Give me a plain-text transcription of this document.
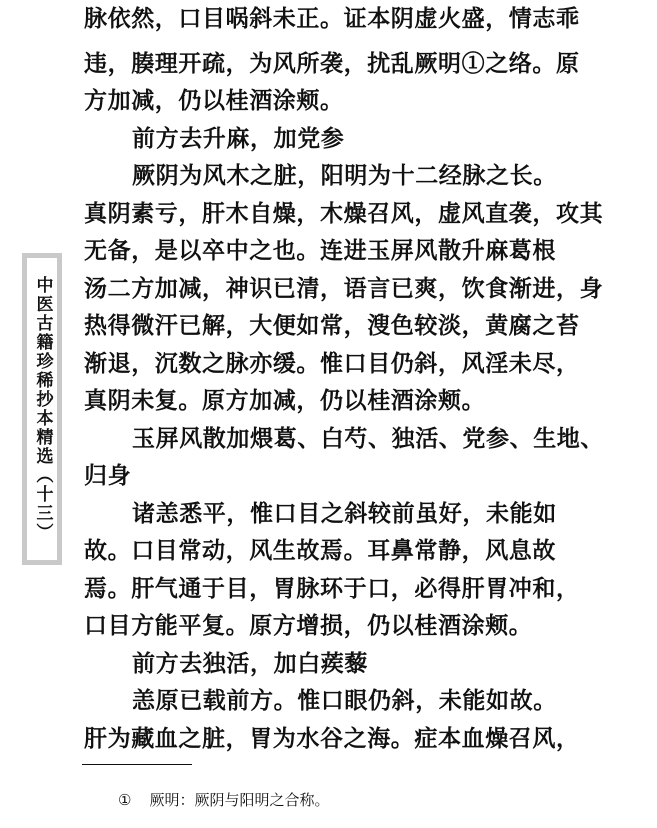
中医古籍珍稀抄本精选（十三）
脉依然，口目㖞斜未正。证本阴虚火盛，情志乖
违，腠理开疏，为风所袭，扰乱厥明①之络。原
方加减，仍以桂酒涂颊。
前方去升麻，加党参
厥阴为风木之脏，阳明为十二经脉之长。
真阴素亏，肝木自燥，木燥召风，虚风直袭，攻其
无备，是以卒中之也。连进玉屏风散升麻葛根
汤二方加减，神识已清，语言已爽，饮食渐进，身
热得微汗已解，大便如常，溲色较淡，黄腐之苔
渐退，沉数之脉亦缓。惟口目仍斜，风淫未尽，
真阴未复。原方加减，仍以桂酒涂颊。
玉屏风散加煨葛、白芍、独活、党参、生地、
归身
诸恙悉平，惟口目之斜较前虽好，未能如
故。口目常动，风生故焉。耳鼻常静，风息故
焉。肝气通于目，胃脉环于口，必得肝胃冲和，
口目方能平复。原方增损，仍以桂酒涂颊。
前方去独活，加白蒺藜
恙原已载前方。惟口眼仍斜，未能如故。
肝为藏血之脏，胃为水谷之海。症本血燥召风，
① 厥明：厥阴与阳明之合称。
